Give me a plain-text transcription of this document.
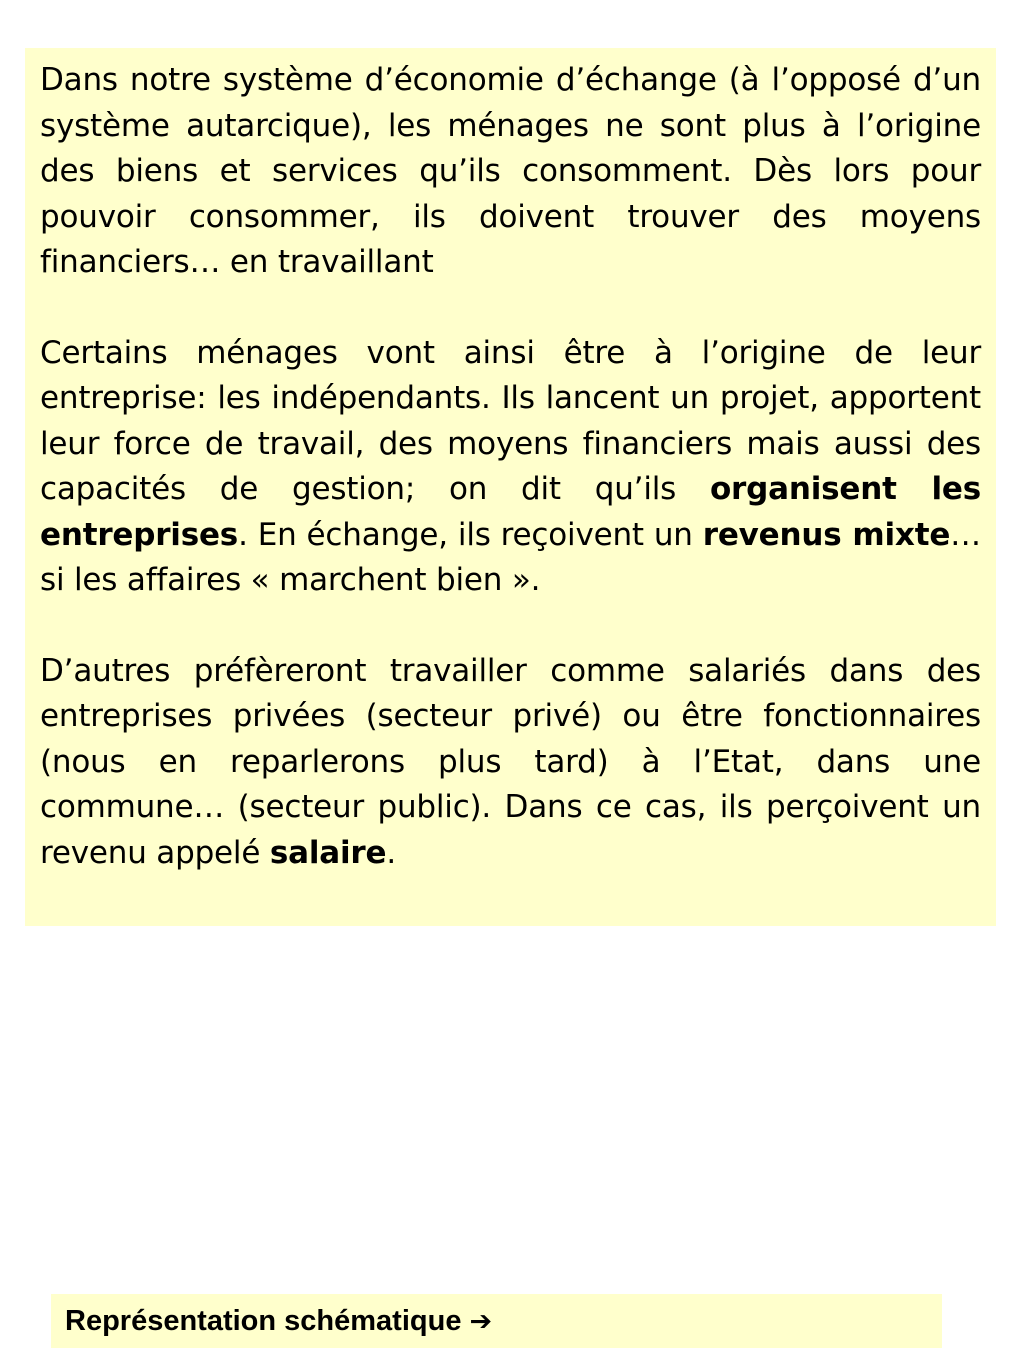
Dans notre système d’économie d’échange (à l’opposé d’un système autarcique), les ménages ne sont plus à l’origine des biens et services qu’ils consomment. Dès lors pour pouvoir consommer, ils doivent trouver des moyens financiers… en travaillant

Certains ménages vont ainsi être à l’origine de leur entreprise: les indépendants. Ils lancent un projet, apportent leur force de travail, des moyens financiers mais aussi des capacités de gestion; on dit qu’ils organisent les entreprises. En échange, ils reçoivent un revenus mixte… si les affaires « marchent bien ».

D’autres préfèreront travailler comme salariés dans des entreprises privées (secteur privé) ou être fonctionnaires (nous en reparlerons plus tard) à l’Etat, dans une commune… (secteur public). Dans ce cas, ils perçoivent un revenu appelé salaire.

Représentation schématique ➔
